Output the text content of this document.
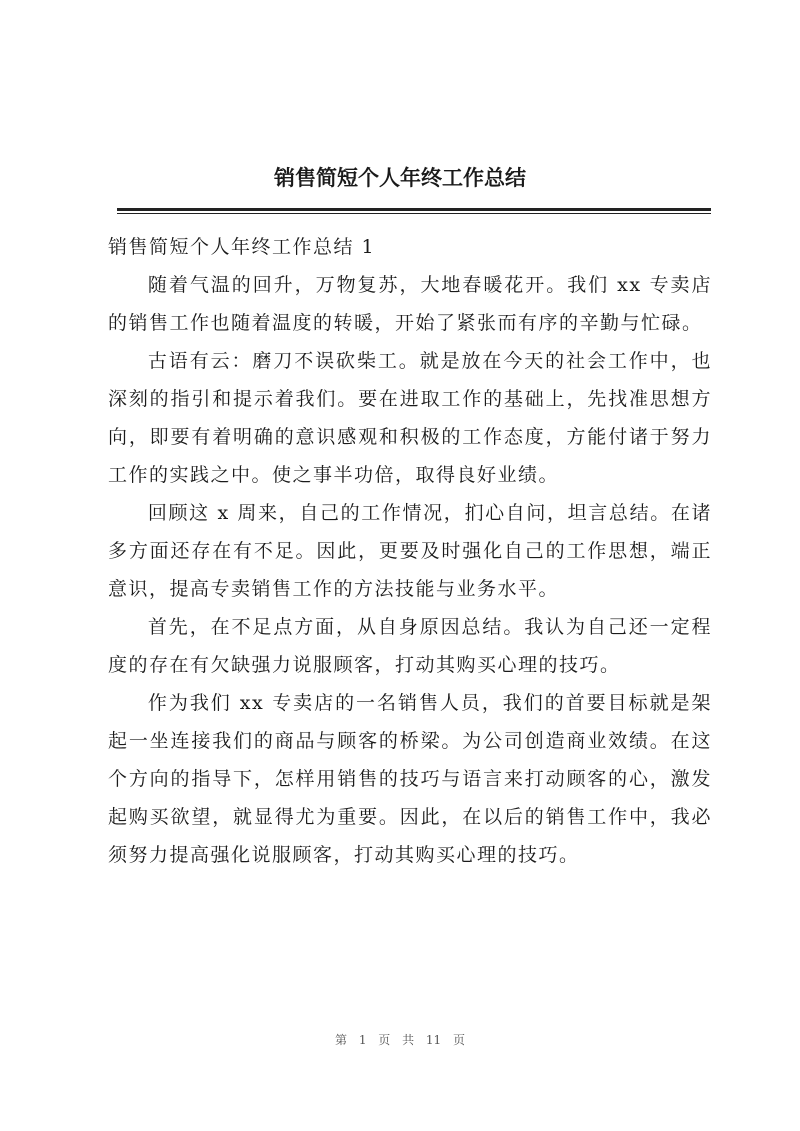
销售简短个人年终工作总结

销售简短个人年终工作总结 1

随着气温的回升，万物复苏，大地春暖花开。我们 xx 专卖店的销售工作也随着温度的转暖，开始了紧张而有序的辛勤与忙碌。

古语有云：磨刀不误砍柴工。就是放在今天的社会工作中，也深刻的指引和提示着我们。要在进取工作的基础上，先找准思想方向，即要有着明确的意识感观和积极的工作态度，方能付诸于努力工作的实践之中。使之事半功倍，取得良好业绩。

回顾这 x 周来，自己的工作情况，扪心自问，坦言总结。在诸多方面还存在有不足。因此，更要及时强化自己的工作思想，端正意识，提高专卖销售工作的方法技能与业务水平。

首先，在不足点方面，从自身原因总结。我认为自己还一定程度的存在有欠缺强力说服顾客，打动其购买心理的技巧。

作为我们 xx 专卖店的一名销售人员，我们的首要目标就是架起一坐连接我们的商品与顾客的桥梁。为公司创造商业效绩。在这个方向的指导下，怎样用销售的技巧与语言来打动顾客的心，激发起购买欲望，就显得尤为重要。因此，在以后的销售工作中，我必须努力提高强化说服顾客，打动其购买心理的技巧。

第 1 页 共 11 页
